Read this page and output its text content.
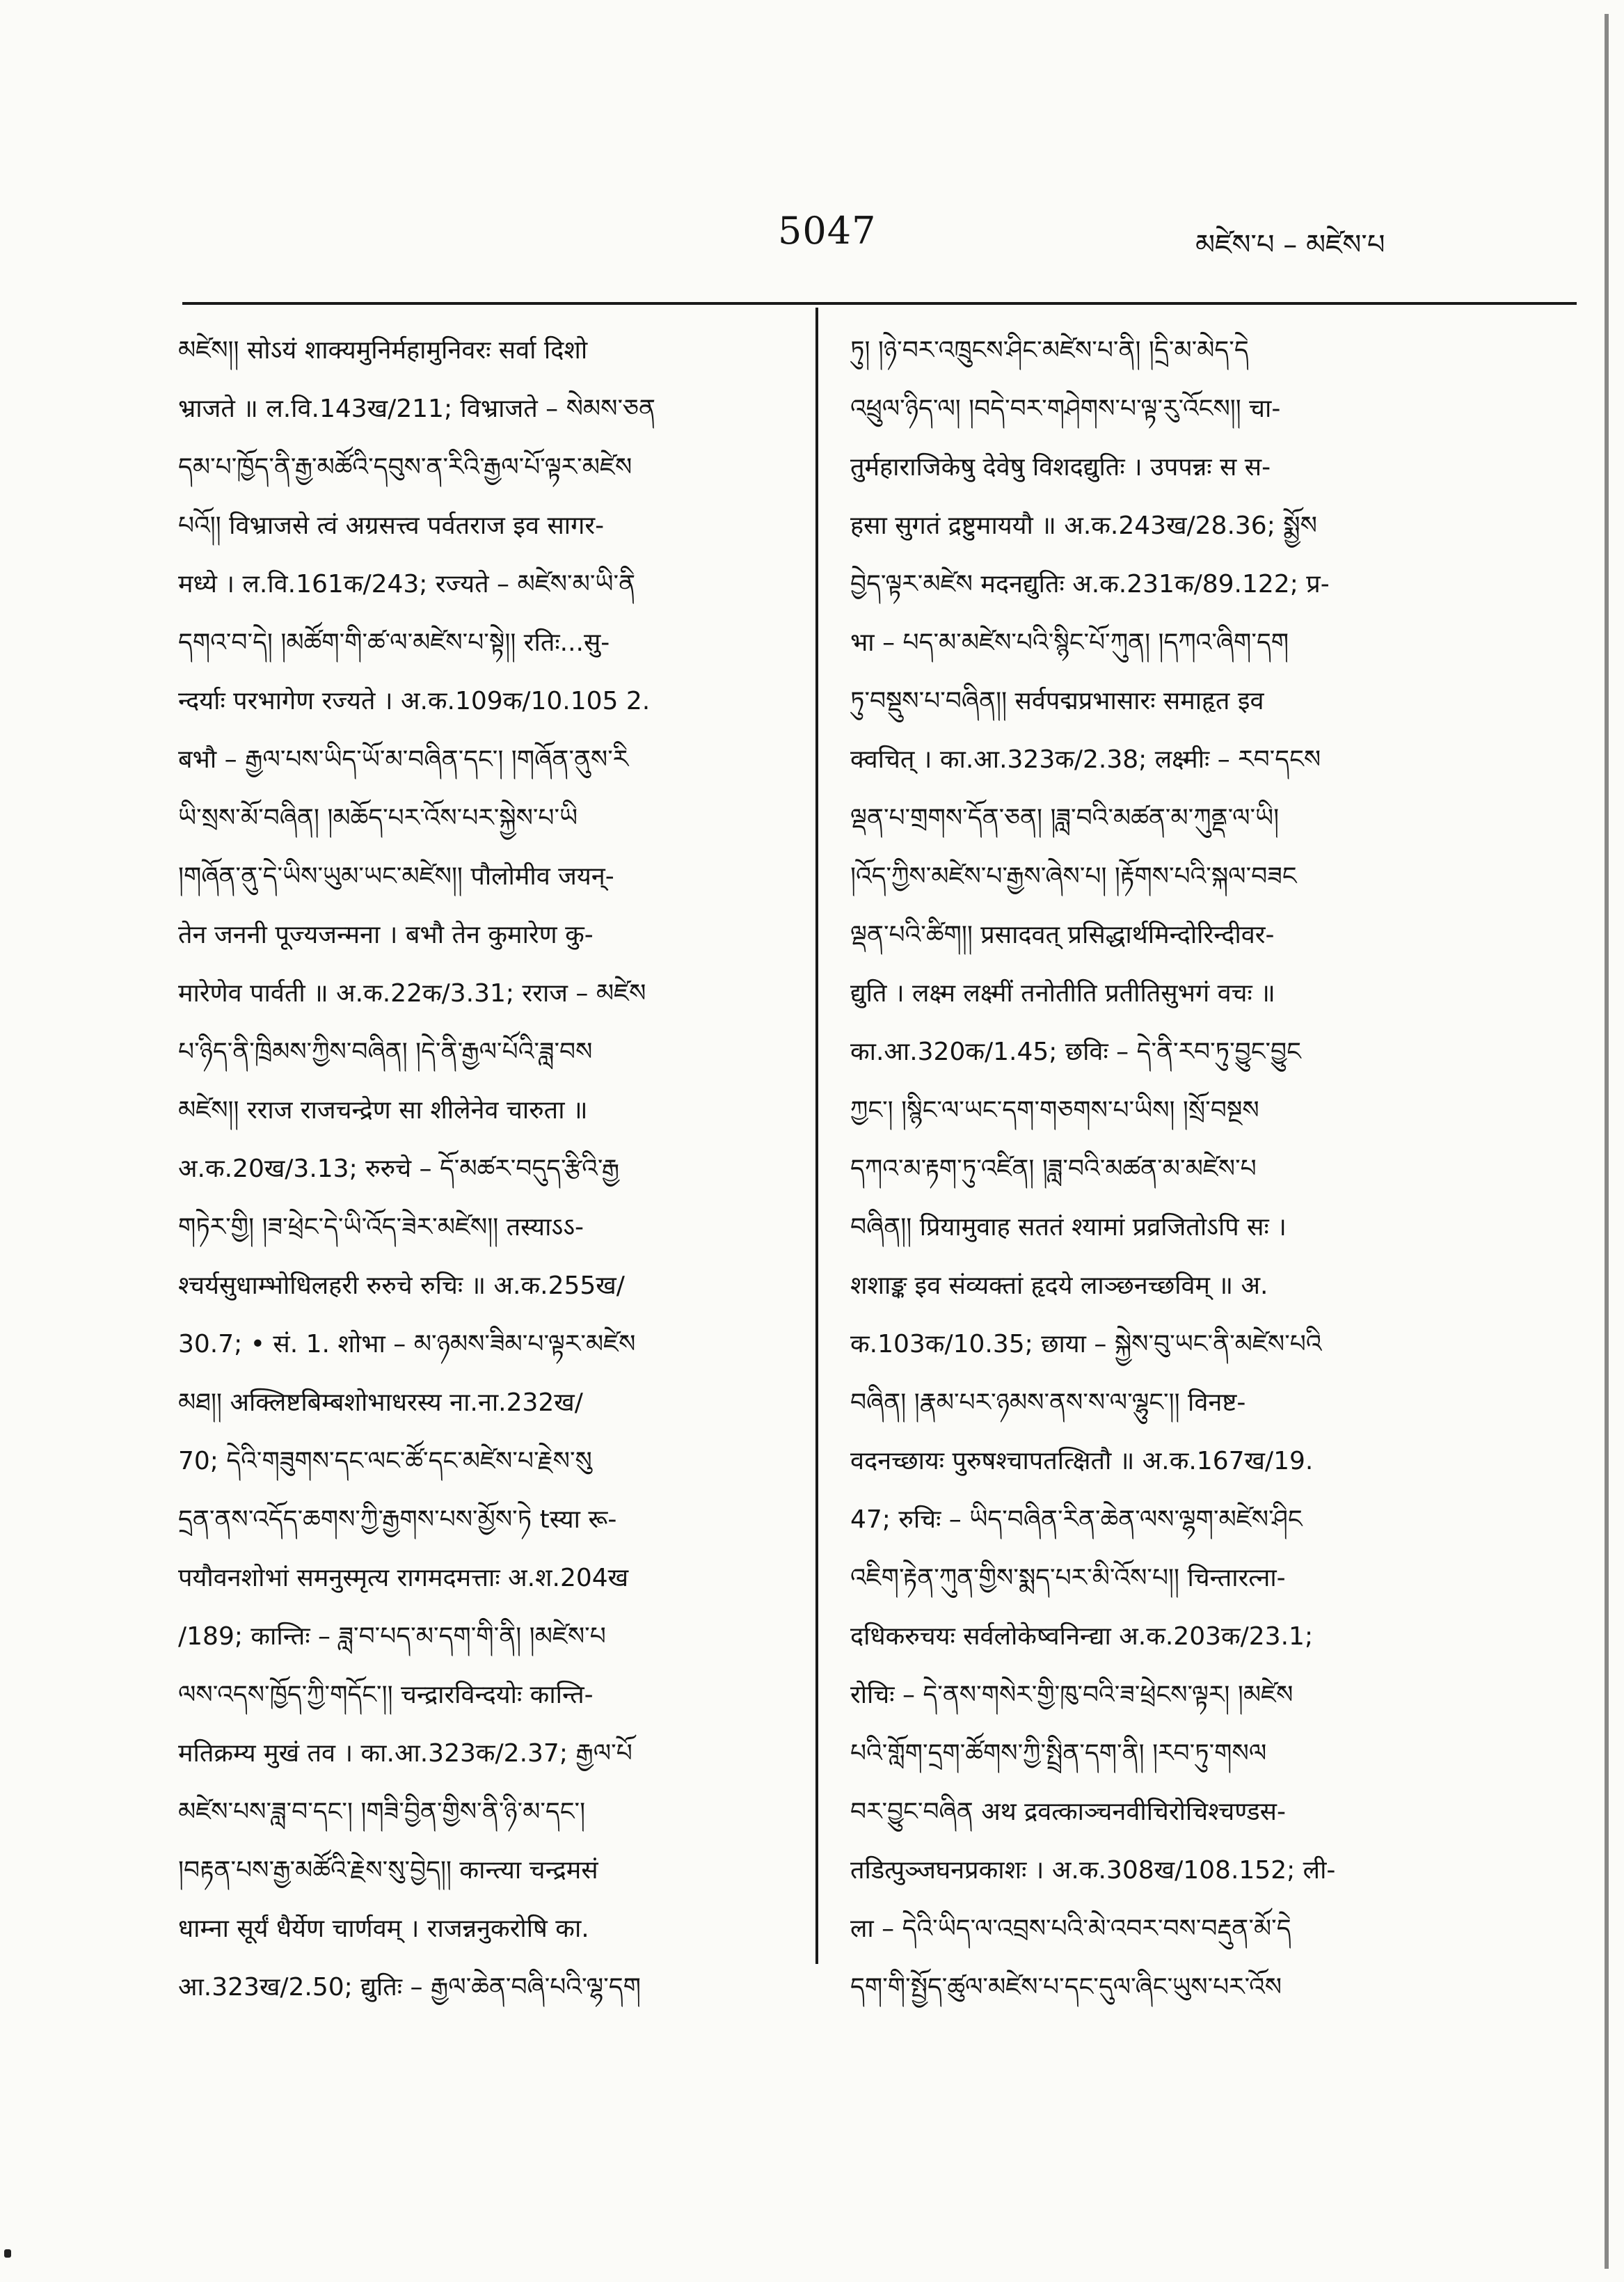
5047	མཛེས་པ – མཛེས་པ
མཛེས།། सोऽयं शाक्यमुनिर्महामुनिवरः सर्वा दिशो
भ्राजते ॥ ल.वि.143ख/211; विभ्राजते – སེམས་ཅན
དམ་པ་ཁྱོད་ནི་རྒྱ་མཚོའི་དབུས་ན་རིའི་རྒྱལ་པོ་ལྟར་མཛེས
པའོ།། विभ्राजसे त्वं अग्रसत्त्व पर्वतराज इव सागर-
मध्ये । ल.वि.161क/243; रज्यते – མཛེས་མ་ཡི་ནི
དགའ་བ་དེ། །མཚོག་གི་ཚ་ལ་མཛེས་པ་སྟེ།། रतिः...सु-
न्दर्याः परभागेण रज्यते । अ.क.109क/10.105 2.
बभौ – རྒྱལ་པས་ཡིད་ཡོ་མ་བཞིན་དང་། །གཞོན་ནུས་རི
ཡི་སྲས་མོ་བཞིན། །མཆོད་པར་འོས་པར་སྐྱེས་པ་ཡི
།གཞོན་ནུ་དེ་ཡིས་ཡུམ་ཡང་མཛེས།། पौलोमीव जयन्-
तेन जननी पूज्यजन्मना । बभौ तेन कुमारेण कु-
मारेणेव पार्वती ॥ अ.क.22क/3.31; रराज – མཛེས
པ་ཉིད་ནི་ཁྲིམས་ཀྱིས་བཞིན། །དེ་ནི་རྒྱལ་པོའི་ཟླ་བས
མཛེས།། रराज राजचन्द्रेण सा शीलेनेव चारुता ॥
अ.क.20ख/3.13; रुरुचे – དོ་མཚར་བདུད་རྩིའི་རྒྱ
གཏེར་གྱི། །ཟ་ཕྲེང་དེ་ཡི་འོད་ཟེར་མཛེས།། तस्याऽऽ-
श्चर्यसुधाम्भोधिलहरी रुरुचे रुचिः ॥ अ.क.255ख/
30.7; • सं. 1. शोभा – མ་ཉམས་ཟིམ་པ་ལྟར་མཛེས
མཐ།། अक्लिष्टबिम्बशोभाधरस्य ना.ना.232ख/
70; དེའི་གཟུགས་དང་ལང་ཚོ་དང་མཛེས་པ་རྗེས་སུ
དྲན་ནས་འདོད་ཆགས་ཀྱི་རྒྱགས་པས་མྱོས་ཏེ tस्या रू-
पयौवनशोभां समनुस्मृत्य रागमदमत्ताः अ.श.204ख
/189; कान्तिः – ཟླ་བ་པད་མ་དག་གི་ནི། །མཛེས་པ
ལས་འདས་ཁྱོད་ཀྱི་གདོང་།། चन्द्रारविन्दयोः कान्ति-
मतिक्रम्य मुखं तव । का.आ.323क/2.37; རྒྱལ་པོ
མཛེས་པས་ཟླ་བ་དང་། །གཟི་བྱིན་གྱིས་ནི་ཉི་མ་དང་།
།བརྟན་པས་རྒྱ་མཚོའི་རྗེས་སུ་བྱེད།། कान्त्या चन्द्रमसं
धाम्ना सूर्यं धैर्येण चार्णवम् । राजन्ननुकरोषि का.
आ.323ख/2.50; द्युतिः – རྒྱལ་ཆེན་བཞི་པའི་ལྷ་དག
ཏུ། །ཉེ་བར་འཁྲུངས་ཤིང་མཛེས་པ་ནི། །དྲི་མ་མེད་དེ
འཕྲུལ་ཉིད་ལ། །བདེ་བར་གཤེགས་པ་ལྟ་རུ་འོངས།། चा-
तुर्महाराजिकेषु देवेषु विशदद्युतिः । उपपन्नः स स-
हसा सुगतं द्रष्टुमाययौ ॥ अ.क.243ख/28.36; སྨྱོས
བྱེད་ལྟར་མཛེས मदनद्युतिः अ.क.231क/89.122; प्र-
भा – པད་མ་མཛེས་པའི་སྙིང་པོ་ཀུན། །དཀའ་ཞིག་དག
ཏུ་བསྡུས་པ་བཞིན།། सर्वपद्मप्रभासारः समाहृत इव
क्वचित् । का.आ.323क/2.38; लक्ष्मीः – རབ་དངས
ལྡན་པ་གྲགས་དོན་ཅན། །ཟླ་བའི་མཚན་མ་ཀུནྡ་ལ་ཡི།
།འོད་ཀྱིས་མཛེས་པ་རྒྱས་ཞེས་པ། །རྟོགས་པའི་སྐལ་བཟང
ལྡན་པའི་ཚིག།། प्रसादवत् प्रसिद्धार्थमिन्दोरिन्दीवर-
द्युति । लक्ष्म लक्ष्मीं तनोतीति प्रतीतिसुभगं वचः ॥
का.आ.320क/1.45; छविः – དེ་ནི་རབ་ཏུ་བྱུང་བྱུང
ཀྱང་། །སྙིང་ལ་ཡང་དག་གཅགས་པ་ཡིས། །སྲོ་བསྔས
དཀའ་མ་རྟག་ཏུ་འཛིན། །ཟླ་བའི་མཚན་མ་མཛེས་པ
བཞིན།། प्रियामुवाह सततं श्यामां प्रव्रजितोऽपि सः ।
शशाङ्क इव संव्यक्तां हृदये लाञ्छनच्छविम् ॥ अ.
क.103क/10.35; छाया – སྐྱེས་བུ་ཡང་ནི་མཛེས་པའི
བཞིན། །རྣམ་པར་ཉམས་ནས་ས་ལ་ལྷུང་།། विनष्ट-
वदनच्छायः पुरुषश्चापतत्क्षितौ ॥ अ.क.167ख/19.
47; रुचिः – ཡིད་བཞིན་རིན་ཆེན་ལས་ལྷག་མཛེས་ཤིང
འཇིག་རྟེན་ཀུན་གྱིས་སྨད་པར་མི་འོས་པ།། चिन्तारत्ना-
दधिकरुचयः सर्वलोकेष्वनिन्द्या अ.क.203क/23.1;
रोचिः – དེ་ནས་གསེར་གྱི་ཁུ་བའི་ཟ་ཕྲེངས་ལྟར། །མཛེས
པའི་གློག་དྲག་ཚོགས་ཀྱི་སྤྲིན་དག་ནི། །རབ་ཏུ་གསལ
བར་བྱུང་བཞིན अथ द्रवत्काञ्चनवीचिरोचिश्चण्डस-
तडित्पुञ्जघनप्रकाशः । अ.क.308ख/108.152; ली-
ला – དེའི་ཡིད་ལ་འབྲས་པའི་མེ་འབར་བས་བརྡུན་མོ་དེ
དག་གི་སྤྱོད་ཚུལ་མཛེས་པ་དང་དུལ་ཞིང་ཡུས་པར་འོས
